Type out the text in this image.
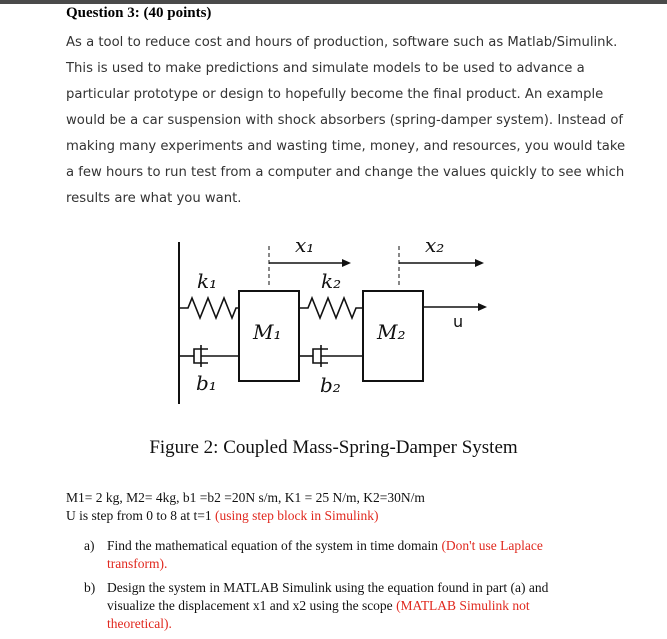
Question 3: (40 points)
As a tool to reduce cost and hours of production, software such as Matlab/Simulink.
This is used to make predictions and simulate models to be used to advance a
particular prototype or design to hopefully become the final product. An example
would be a car suspension with shock absorbers (spring-damper system). Instead of
making many experiments and wasting time, money, and resources, you would take
a few hours to run test from a computer and change the values quickly to see which
results are what you want.
x₁	x₂
k₁	k₂
M₁	M₂
b₁	b₂
u
Figure 2: Coupled Mass-Spring-Damper System
M1= 2 kg, M2= 4kg, b1 =b2 =20N s/m, K1 = 25 N/m, K2=30N/m
U is step from 0 to 8 at t=1 (using step block in Simulink)
a) Find the mathematical equation of the system in time domain (Don't use Laplace
transform).
b) Design the system in MATLAB Simulink using the equation found in part (a) and
visualize the displacement x1 and x2 using the scope (MATLAB Simulink not
theoretical).
